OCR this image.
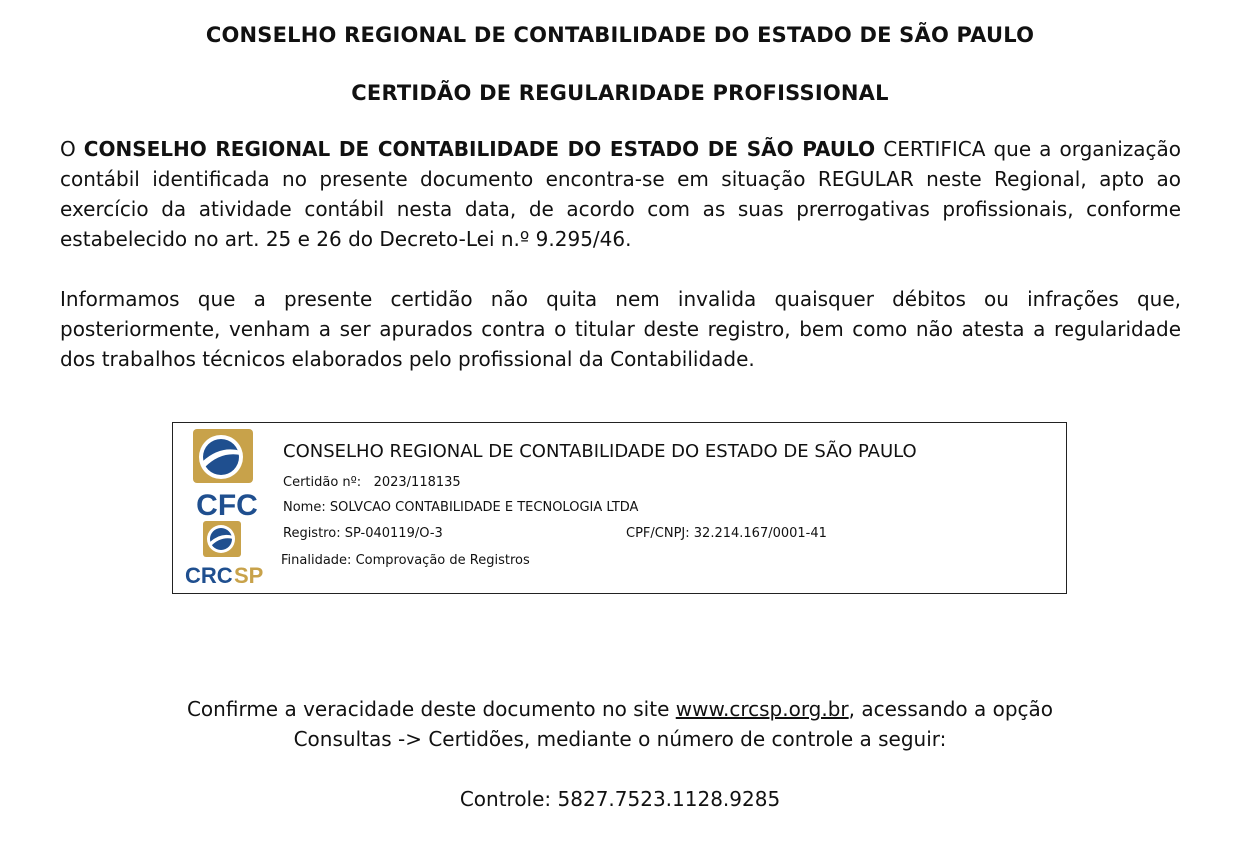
CONSELHO REGIONAL DE CONTABILIDADE DO ESTADO DE SÃO PAULO
CERTIDÃO DE REGULARIDADE PROFISSIONAL

O CONSELHO REGIONAL DE CONTABILIDADE DO ESTADO DE SÃO PAULO CERTIFICA que a organização contábil identificada no presente documento encontra-se em situação REGULAR neste Regional, apto ao exercício da atividade contábil nesta data, de acordo com as suas prerrogativas profissionais, conforme estabelecido no art. 25 e 26 do Decreto-Lei n.º 9.295/46.

Informamos que a presente certidão não quita nem invalida quaisquer débitos ou infrações que, posteriormente, venham a ser apurados contra o titular deste registro, bem como não atesta a regularidade dos trabalhos técnicos elaborados pelo profissional da Contabilidade.

CFC
CRC SP

CONSELHO REGIONAL DE CONTABILIDADE DO ESTADO DE SÃO PAULO

Certidão nº: 2023/118135
Nome: SOLVCAO CONTABILIDADE E TECNOLOGIA LTDA
Registro: SP-040119/O-3	CPF/CNPJ: 32.214.167/0001-41
Finalidade: Comprovação de Registros
Confirme a veracidade deste documento no site www.crcsp.org.br, acessando a opção
Consultas -> Certidões, mediante o número de controle a seguir:
Controle: 5827.7523.1128.9285
